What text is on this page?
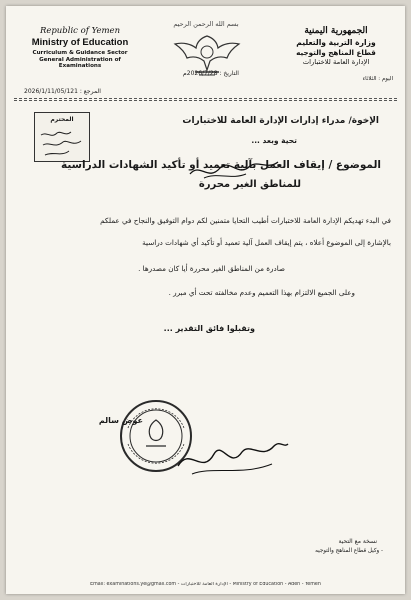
Republic of Yemen
Ministry of Education
Curriculum & Guidance Sector
General Administration of Examinations
بسم الله الرحمن الرحيم
التاريخ : 2026/7/28م
الجمهورية اليمنية
وزارة التربية والتعليم
قطاع المناهج والتوجيه
الإدارة العامة للاختبارات
اليوم : الثلاثاء
المرجع : 2026/1/11/05/121
المحترم	الإخوة/ مدراء إدارات الإدارة العامة للاختبارات
تحية وبعد ...
الموضوع / إيقاف العمل بآلية تعميد أو تأكيد الشهادات الدراسية
للمناطق الغير محررة
في البدء تهديكم الإدارة العامة للاختبارات أطيب التحايا متمنين لكم دوام التوفيق والنجاح في عملكم
بالإشارة إلى الموضوع أعلاه ، يتم إيقاف العمل آلية تعميد أو تأكيد أي شهادات دراسية
صادرة من المناطق الغير محررة أيا كان مصدرها .
وعلى الجميع الالتزام بهذا التعميم وعدم مخالفته تحت أي مبرر .
وتقبلوا فائق التقدير ...
عوض سالم
نسخة مع التحية
- وكيل قطاع المناهج والتوجيه
Email: examinations.ye@gmail.com - الإدارة العامة للاختبارات - Ministry of Education - Aden - Yemen
